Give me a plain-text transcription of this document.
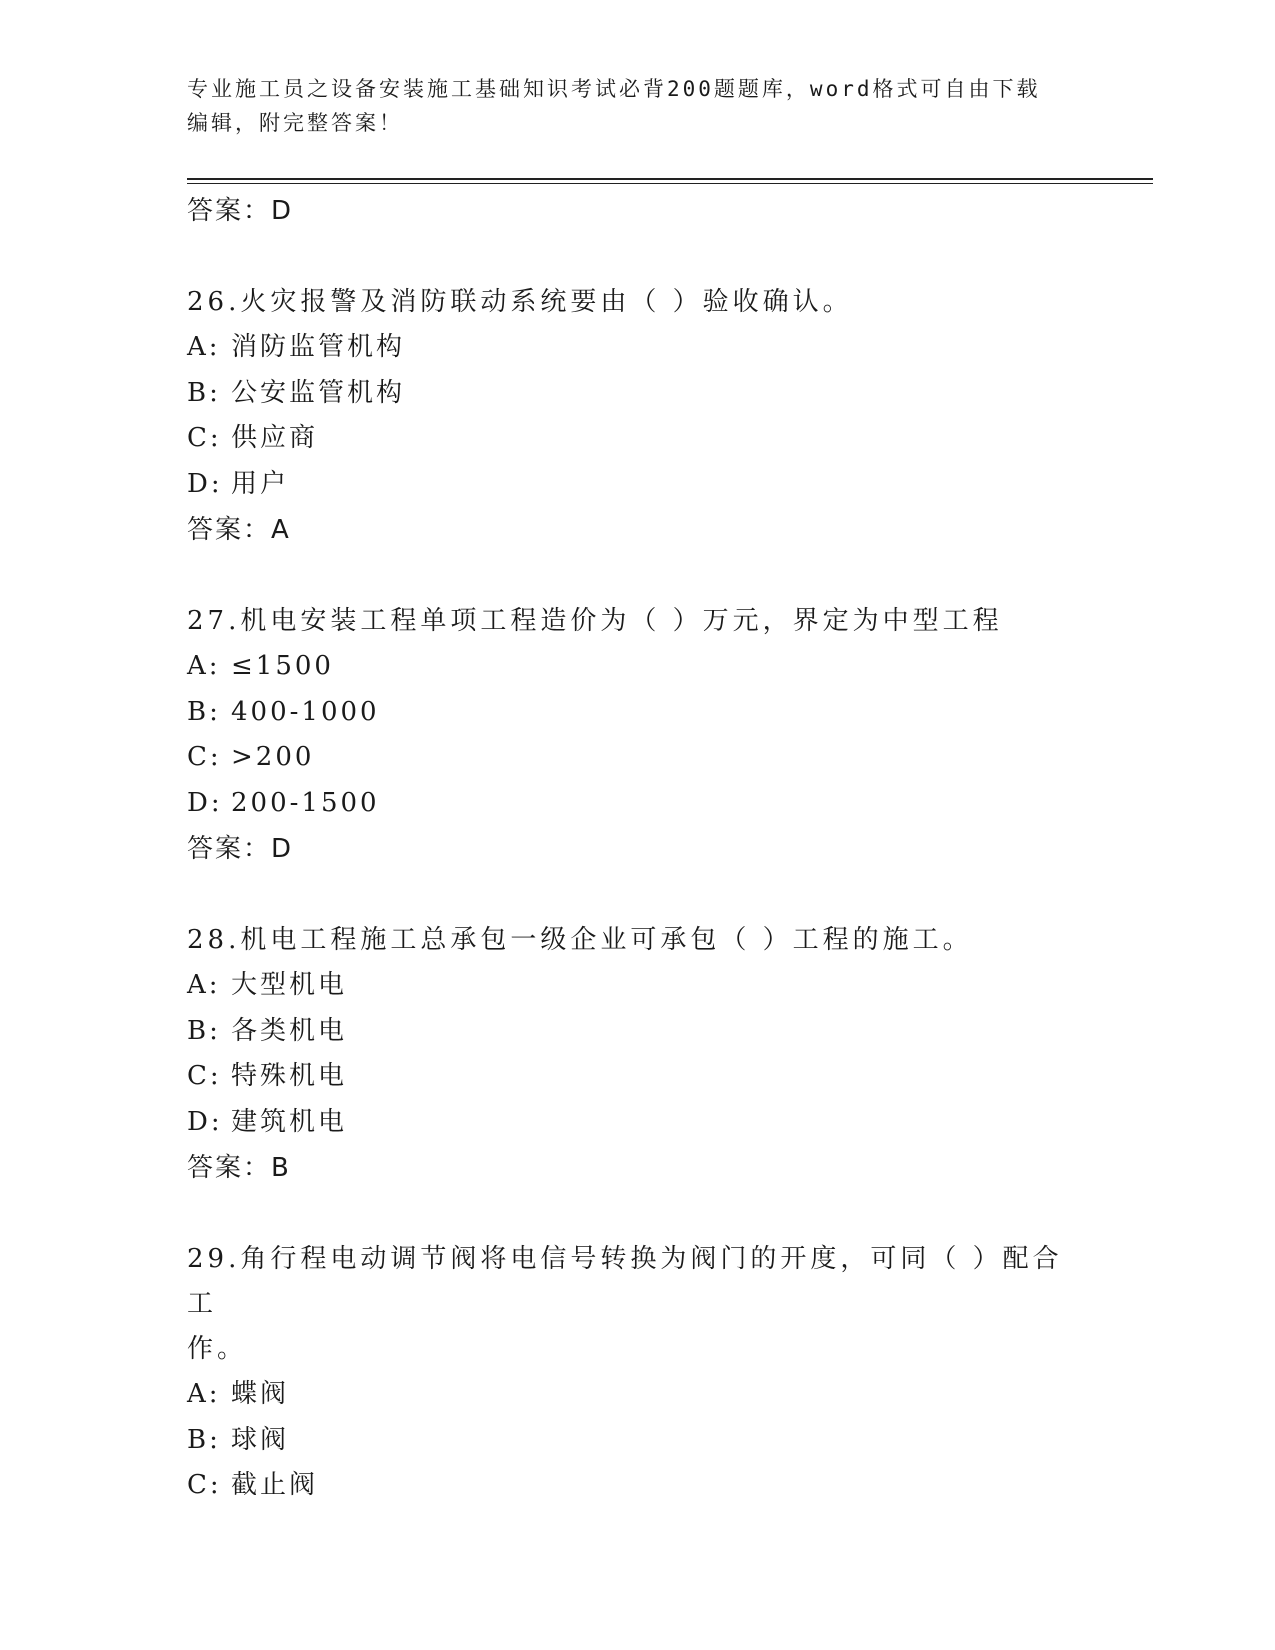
专业施工员之设备安装施工基础知识考试必背200题题库，word格式可自由下载
编辑，附完整答案！

答案：D

26.火灾报警及消防联动系统要由（ ）验收确认。

A: 消防监管机构

B: 公安监管机构

C: 供应商

D: 用户

答案：A

27.机电安装工程单项工程造价为（ ）万元，界定为中型工程

A: ≤1500

B: 400-1000

C: >200

D: 200-1500

答案：D

28.机电工程施工总承包一级企业可承包（ ）工程的施工。

A: 大型机电

B: 各类机电

C: 特殊机电

D: 建筑机电

答案：B

29.角行程电动调节阀将电信号转换为阀门的开度，可同（ ）配合工

作。

A: 蝶阀

B: 球阀

C: 截止阀
